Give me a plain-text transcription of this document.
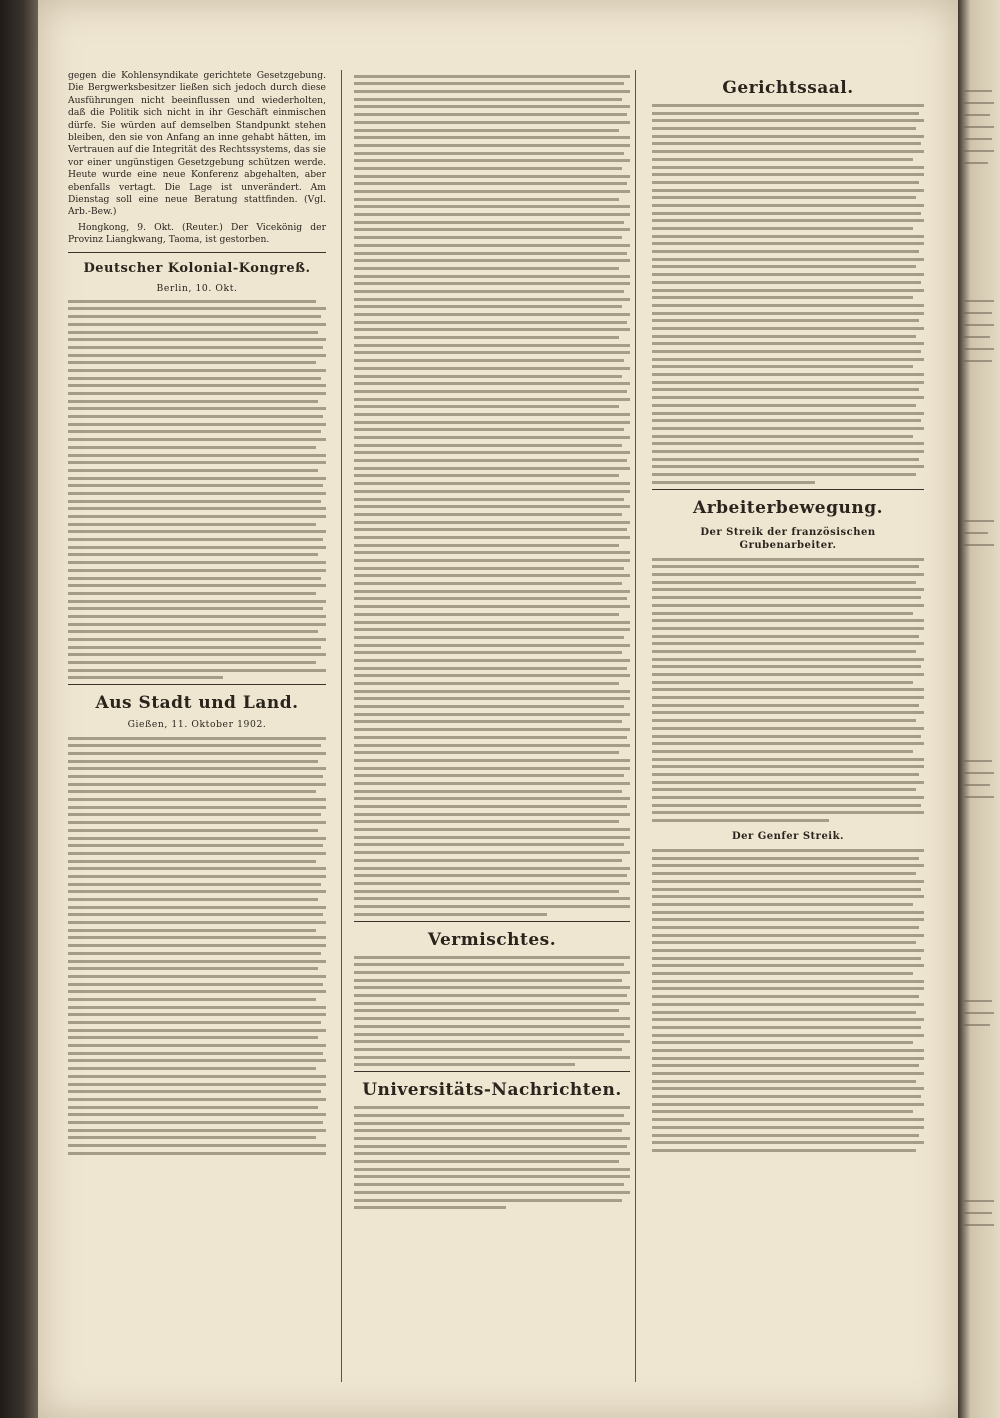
gegen die Kohlensyndikate gerichtete Gesetzgebung. Die Bergwerksbesitzer ließen sich jedoch durch diese Ausführungen nicht beeinflussen und wiederholten, daß die Politik sich nicht in ihr Geschäft einmischen dürfe. Sie würden auf demselben Standpunkt stehen bleiben, den sie von Anfang an inne gehabt hätten, im Vertrauen auf die Integrität des Rechtssystems, das sie vor einer ungünstigen Gesetzgebung schützen werde. Heute wurde eine neue Konferenz abgehalten, aber ebenfalls vertagt. Die Lage ist unverändert. Am Dienstag soll eine neue Beratung stattfinden. (Vgl. Arb.-Bew.)

Hongkong, 9. Okt. (Reuter.) Der Vicekönig der Provinz Liangkwang, Taoma, ist gestorben.

Deutscher Kolonial-Kongreß.
Berlin, 10. Okt.
Aus Stadt und Land.
Gießen, 11. Oktober 1902.
Vermischtes.
Universitäts-Nachrichten.
Gerichtssaal.
Arbeiterbewegung.
Der Streik der französischen Grubenarbeiter.
Der Genfer Streik.
